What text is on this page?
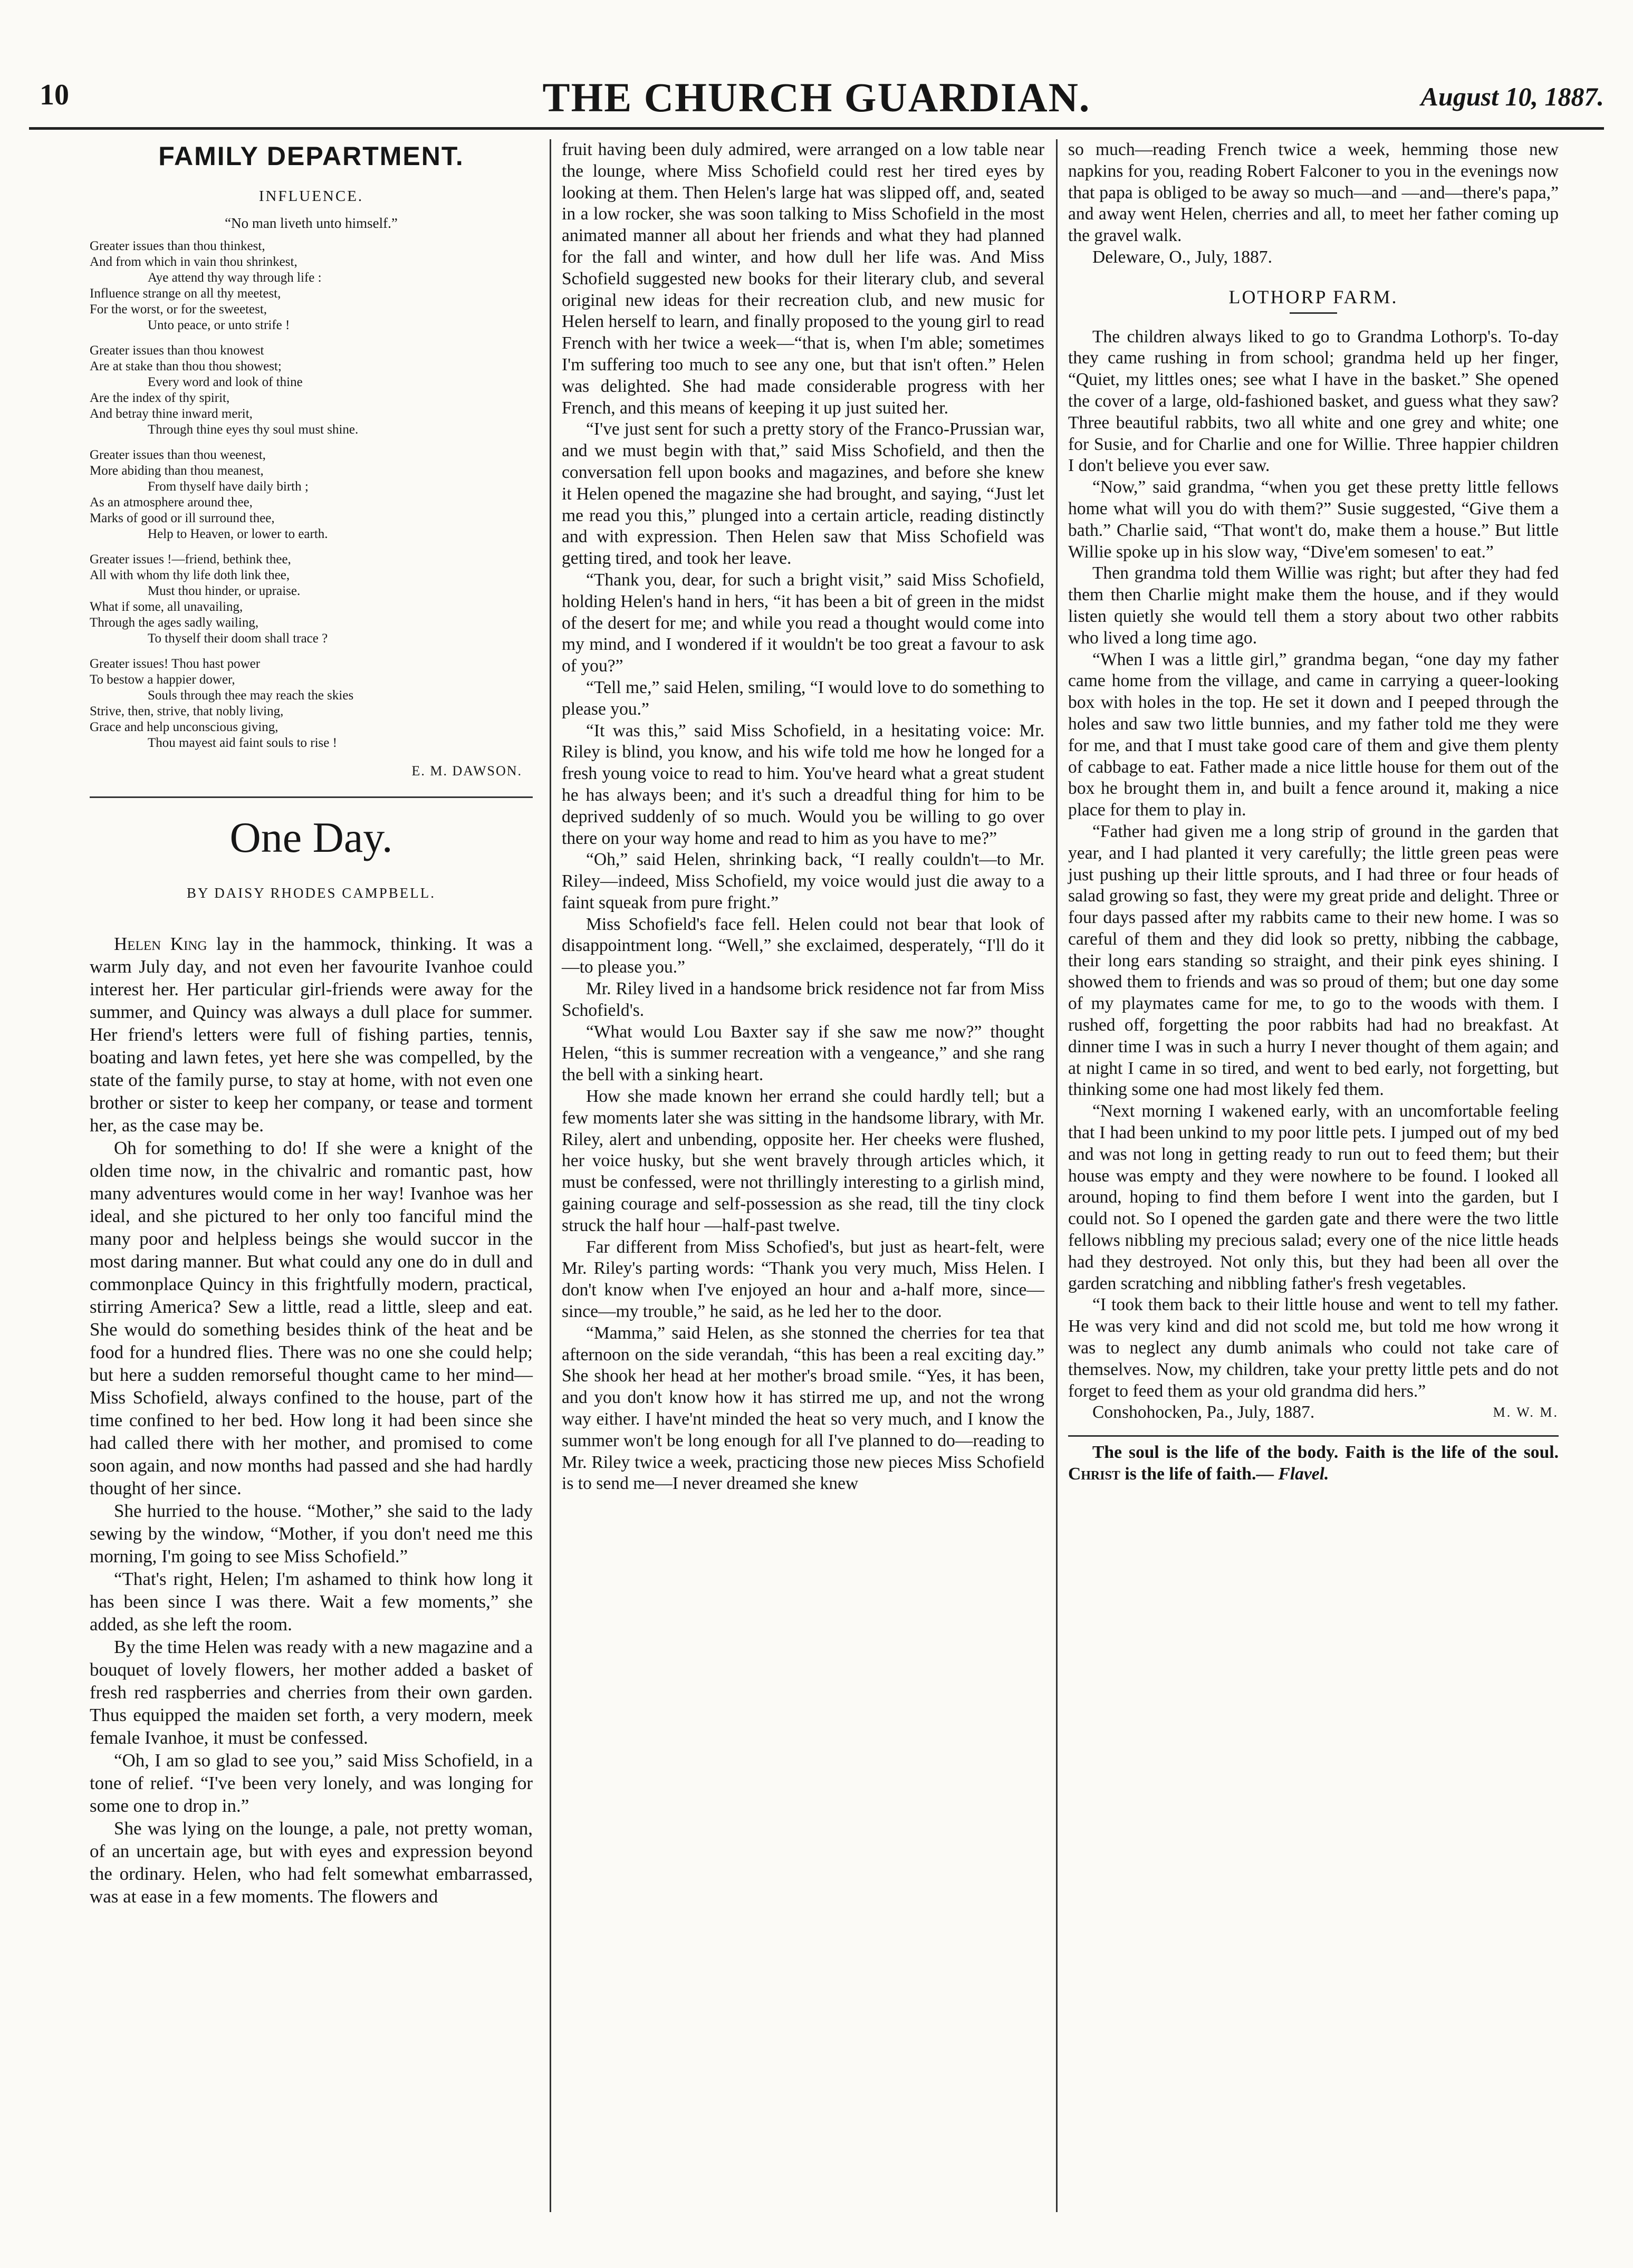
10	THE CHURCH GUARDIAN.	August 10, 1887.
FAMILY DEPARTMENT.
INFLUENCE.
“No man liveth unto himself.”
Greater issues than thou thinkest,
And from which in vain thou shrinkest,
Aye attend thy way through life :
Influence strange on all thy meetest,
For the worst, or for the sweetest,
Unto peace, or unto strife !
Greater issues than thou knowest
Are at stake than thou thou showest;
Every word and look of thine
Are the index of thy spirit,
And betray thine inward merit,
Through thine eyes thy soul must shine.
Greater issues than thou weenest,
More abiding than thou meanest,
From thyself have daily birth ;
As an atmosphere around thee,
Marks of good or ill surround thee,
Help to Heaven, or lower to earth.
Greater issues !—friend, bethink thee,
All with whom thy life doth link thee,
Must thou hinder, or upraise.
What if some, all unavailing,
Through the ages sadly wailing,
To thyself their doom shall trace ?
Greater issues! Thou hast power
To bestow a happier dower,
Souls through thee may reach the skies
Strive, then, strive, that nobly living,
Grace and help unconscious giving,
Thou mayest aid faint souls to rise !
E. M. DAWSON.
One Day.
BY DAISY RHODES CAMPBELL.

Helen King lay in the hammock, thinking. It was a warm July day, and not even her favourite Ivanhoe could interest her. Her particular girl-friends were away for the summer, and Quincy was always a dull place for summer. Her friend's letters were full of fishing parties, tennis, boating and lawn fetes, yet here she was compelled, by the state of the family purse, to stay at home, with not even one brother or sister to keep her company, or tease and torment her, as the case may be.

Oh for something to do! If she were a knight of the olden time now, in the chivalric and romantic past, how many adventures would come in her way! Ivanhoe was her ideal, and she pictured to her only too fanciful mind the many poor and helpless beings she would succor in the most daring manner. But what could any one do in dull and commonplace Quincy in this frightfully modern, practical, stirring America? Sew a little, read a little, sleep and eat. She would do something besides think of the heat and be food for a hundred flies. There was no one she could help; but here a sudden remorseful thought came to her mind—Miss Schofield, always confined to the house, part of the time confined to her bed. How long it had been since she had called there with her mother, and promised to come soon again, and now months had passed and she had hardly thought of her since.

She hurried to the house. “Mother,” she said to the lady sewing by the window, “Mother, if you don't need me this morning, I'm going to see Miss Schofield.”

“That's right, Helen; I'm ashamed to think how long it has been since I was there. Wait a few moments,” she added, as she left the room.

By the time Helen was ready with a new magazine and a bouquet of lovely flowers, her mother added a basket of fresh red raspberries and cherries from their own garden. Thus equipped the maiden set forth, a very modern, meek female Ivanhoe, it must be confessed.

“Oh, I am so glad to see you,” said Miss Schofield, in a tone of relief. “I've been very lonely, and was longing for some one to drop in.”

She was lying on the lounge, a pale, not pretty woman, of an uncertain age, but with eyes and expression beyond the ordinary. Helen, who had felt somewhat embarrassed, was at ease in a few moments. The flowers and

fruit having been duly admired, were arranged on a low table near the lounge, where Miss Schofield could rest her tired eyes by looking at them. Then Helen's large hat was slipped off, and, seated in a low rocker, she was soon talking to Miss Schofield in the most animated manner all about her friends and what they had planned for the fall and winter, and how dull her life was. And Miss Schofield suggested new books for their literary club, and several original new ideas for their recreation club, and new music for Helen herself to learn, and finally proposed to the young girl to read French with her twice a week—“that is, when I'm able; sometimes I'm suffering too much to see any one, but that isn't often.” Helen was delighted. She had made considerable progress with her French, and this means of keeping it up just suited her.

“I've just sent for such a pretty story of the Franco-Prussian war, and we must begin with that,” said Miss Schofield, and then the conversation fell upon books and magazines, and before she knew it Helen opened the magazine she had brought, and saying, “Just let me read you this,” plunged into a certain article, reading distinctly and with expression. Then Helen saw that Miss Schofield was getting tired, and took her leave.

“Thank you, dear, for such a bright visit,” said Miss Schofield, holding Helen's hand in hers, “it has been a bit of green in the midst of the desert for me; and while you read a thought would come into my mind, and I wondered if it wouldn't be too great a favour to ask of you?”

“Tell me,” said Helen, smiling, “I would love to do something to please you.”

“It was this,” said Miss Schofield, in a hesitating voice: Mr. Riley is blind, you know, and his wife told me how he longed for a fresh young voice to read to him. You've heard what a great student he has always been; and it's such a dreadful thing for him to be deprived suddenly of so much. Would you be willing to go over there on your way home and read to him as you have to me?”

“Oh,” said Helen, shrinking back, “I really couldn't—to Mr. Riley—indeed, Miss Schofield, my voice would just die away to a faint squeak from pure fright.”

Miss Schofield's face fell. Helen could not bear that look of disappointment long. “Well,” she exclaimed, desperately, “I'll do it—to please you.”

Mr. Riley lived in a handsome brick residence not far from Miss Schofield's.

“What would Lou Baxter say if she saw me now?” thought Helen, “this is summer recreation with a vengeance,” and she rang the bell with a sinking heart.

How she made known her errand she could hardly tell; but a few moments later she was sitting in the handsome library, with Mr. Riley, alert and unbending, opposite her. Her cheeks were flushed, her voice husky, but she went bravely through articles which, it must be confessed, were not thrillingly interesting to a girlish mind, gaining courage and self-possession as she read, till the tiny clock struck the half hour —half-past twelve.

Far different from Miss Schofied's, but just as heart-felt, were Mr. Riley's parting words: “Thank you very much, Miss Helen. I don't know when I've enjoyed an hour and a-half more, since—since—my trouble,” he said, as he led her to the door.

“Mamma,” said Helen, as she stonned the cherries for tea that afternoon on the side verandah, “this has been a real exciting day.” She shook her head at her mother's broad smile. “Yes, it has been, and you don't know how it has stirred me up, and not the wrong way either. I have'nt minded the heat so very much, and I know the summer won't be long enough for all I've planned to do—reading to Mr. Riley twice a week, practicing those new pieces Miss Schofield is to send me—I never dreamed she knew

so much—reading French twice a week, hemming those new napkins for you, reading Robert Falconer to you in the evenings now that papa is obliged to be away so much—and —and—there's papa,” and away went Helen, cherries and all, to meet her father coming up the gravel walk.

Deleware, O., July, 1887.

LOTHORP FARM.

The children always liked to go to Grandma Lothorp's. To-day they came rushing in from school; grandma held up her finger, “Quiet, my littles ones; see what I have in the basket.” She opened the cover of a large, old-fashioned basket, and guess what they saw? Three beautiful rabbits, two all white and one grey and white; one for Susie, and for Charlie and one for Willie. Three happier children I don't believe you ever saw.

“Now,” said grandma, “when you get these pretty little fellows home what will you do with them?” Susie suggested, “Give them a bath.” Charlie said, “That wont't do, make them a house.” But little Willie spoke up in his slow way, “Dive'em somesen' to eat.”

Then grandma told them Willie was right; but after they had fed them then Charlie might make them the house, and if they would listen quietly she would tell them a story about two other rabbits who lived a long time ago.

“When I was a little girl,” grandma began, “one day my father came home from the village, and came in carrying a queer-looking box with holes in the top. He set it down and I peeped through the holes and saw two little bunnies, and my father told me they were for me, and that I must take good care of them and give them plenty of cabbage to eat. Father made a nice little house for them out of the box he brought them in, and built a fence around it, making a nice place for them to play in.

“Father had given me a long strip of ground in the garden that year, and I had planted it very carefully; the little green peas were just pushing up their little sprouts, and I had three or four heads of salad growing so fast, they were my great pride and delight. Three or four days passed after my rabbits came to their new home. I was so careful of them and they did look so pretty, nibbing the cabbage, their long ears standing so straight, and their pink eyes shining. I showed them to friends and was so proud of them; but one day some of my playmates came for me, to go to the woods with them. I rushed off, forgetting the poor rabbits had had no breakfast. At dinner time I was in such a hurry I never thought of them again; and at night I came in so tired, and went to bed early, not forgetting, but thinking some one had most likely fed them.

“Next morning I wakened early, with an uncomfortable feeling that I had been unkind to my poor little pets. I jumped out of my bed and was not long in getting ready to run out to feed them; but their house was empty and they were nowhere to be found. I looked all around, hoping to find them before I went into the garden, but I could not. So I opened the garden gate and there were the two little fellows nibbling my precious salad; every one of the nice little heads had they destroyed. Not only this, but they had been all over the garden scratching and nibbling father's fresh vegetables.

“I took them back to their little house and went to tell my father. He was very kind and did not scold me, but told me how wrong it was to neglect any dumb animals who could not take care of themselves. Now, my children, take your pretty little pets and do not forget to feed them as your old grandma did hers.”

Conshohocken, Pa., July, 1887.	M. W. M.

The soul is the life of the body. Faith is the life of the soul. Christ is the life of faith.— Flavel.
